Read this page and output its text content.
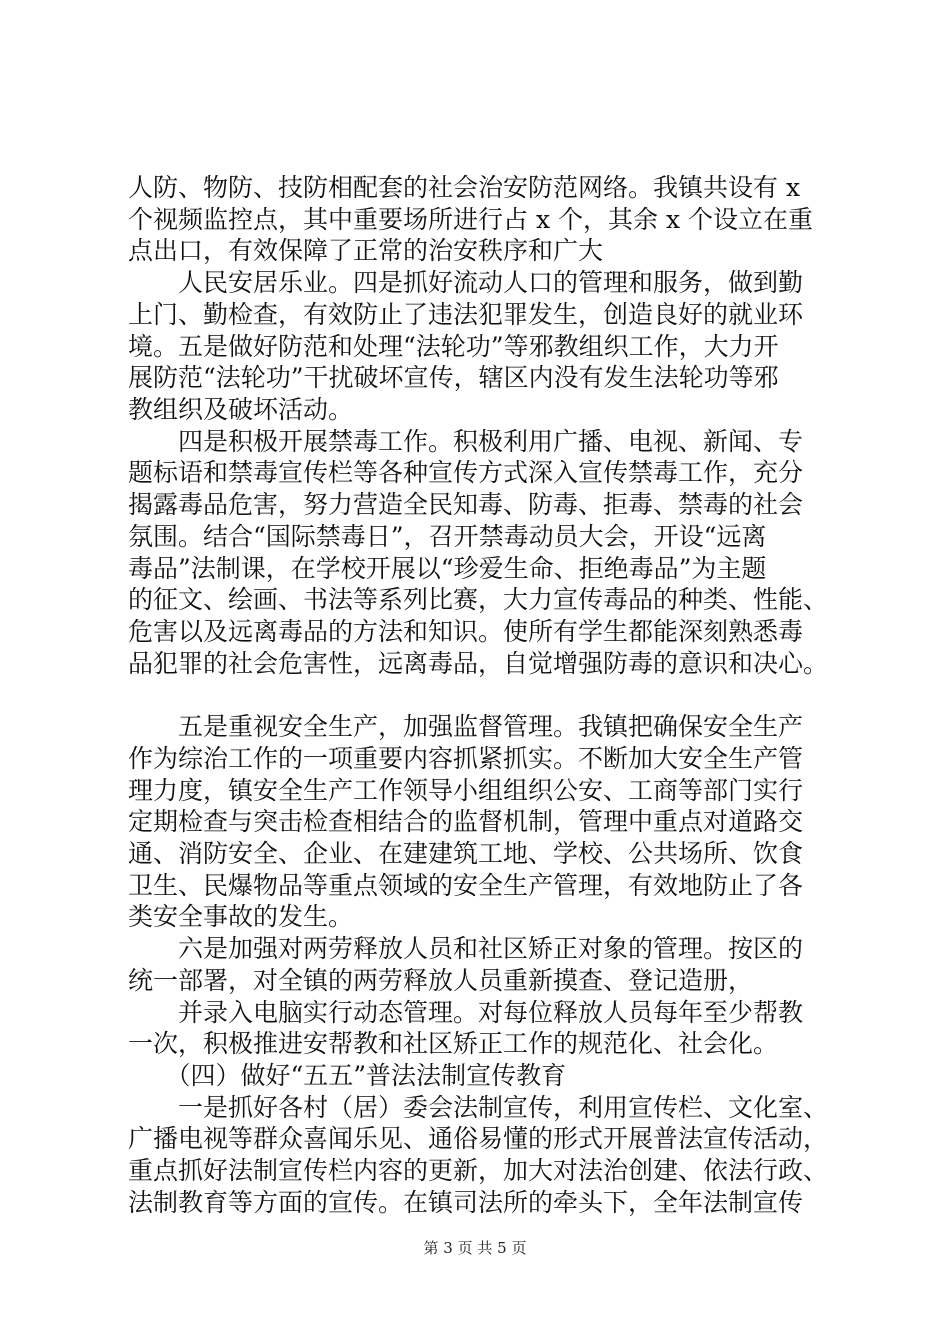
人防、物防、技防相配套的社会治安防范网络。我镇共设有 x
个视频监控点，其中重要场所进行占 x 个，其余 x 个设立在重
点出口，有效保障了正常的治安秩序和广大
　　人民安居乐业。四是抓好流动人口的管理和服务，做到勤
上门、勤检查，有效防止了违法犯罪发生，创造良好的就业环
境。五是做好防范和处理“法轮功”等邪教组织工作，大力开
展防范“法轮功”干扰破坏宣传，辖区内没有发生法轮功等邪
教组织及破坏活动。
　　四是积极开展禁毒工作。积极利用广播、电视、新闻、专
题标语和禁毒宣传栏等各种宣传方式深入宣传禁毒工作，充分
揭露毒品危害，努力营造全民知毒、防毒、拒毒、禁毒的社会
氛围。结合“国际禁毒日”，召开禁毒动员大会，开设“远离
毒品”法制课，在学校开展以“珍爱生命、拒绝毒品”为主题
的征文、绘画、书法等系列比赛，大力宣传毒品的种类、性能、
危害以及远离毒品的方法和知识。使所有学生都能深刻熟悉毒
品犯罪的社会危害性，远离毒品，自觉增强防毒的意识和决心。
　　五是重视安全生产，加强监督管理。我镇把确保安全生产
作为综治工作的一项重要内容抓紧抓实。不断加大安全生产管
理力度，镇安全生产工作领导小组组织公安、工商等部门实行
定期检查与突击检查相结合的监督机制，管理中重点对道路交
通、消防安全、企业、在建建筑工地、学校、公共场所、饮食
卫生、民爆物品等重点领域的安全生产管理，有效地防止了各
类安全事故的发生。
　　六是加强对两劳释放人员和社区矫正对象的管理。按区的
统一部署，对全镇的两劳释放人员重新摸查、登记造册，
　　并录入电脑实行动态管理。对每位释放人员每年至少帮教
一次，积极推进安帮教和社区矫正工作的规范化、社会化。
　　（四）做好“五五”普法法制宣传教育
　　一是抓好各村（居）委会法制宣传，利用宣传栏、文化室、
广播电视等群众喜闻乐见、通俗易懂的形式开展普法宣传活动，
重点抓好法制宣传栏内容的更新，加大对法治创建、依法行政、
法制教育等方面的宣传。在镇司法所的牵头下，全年法制宣传
第 3 页 共 5 页
